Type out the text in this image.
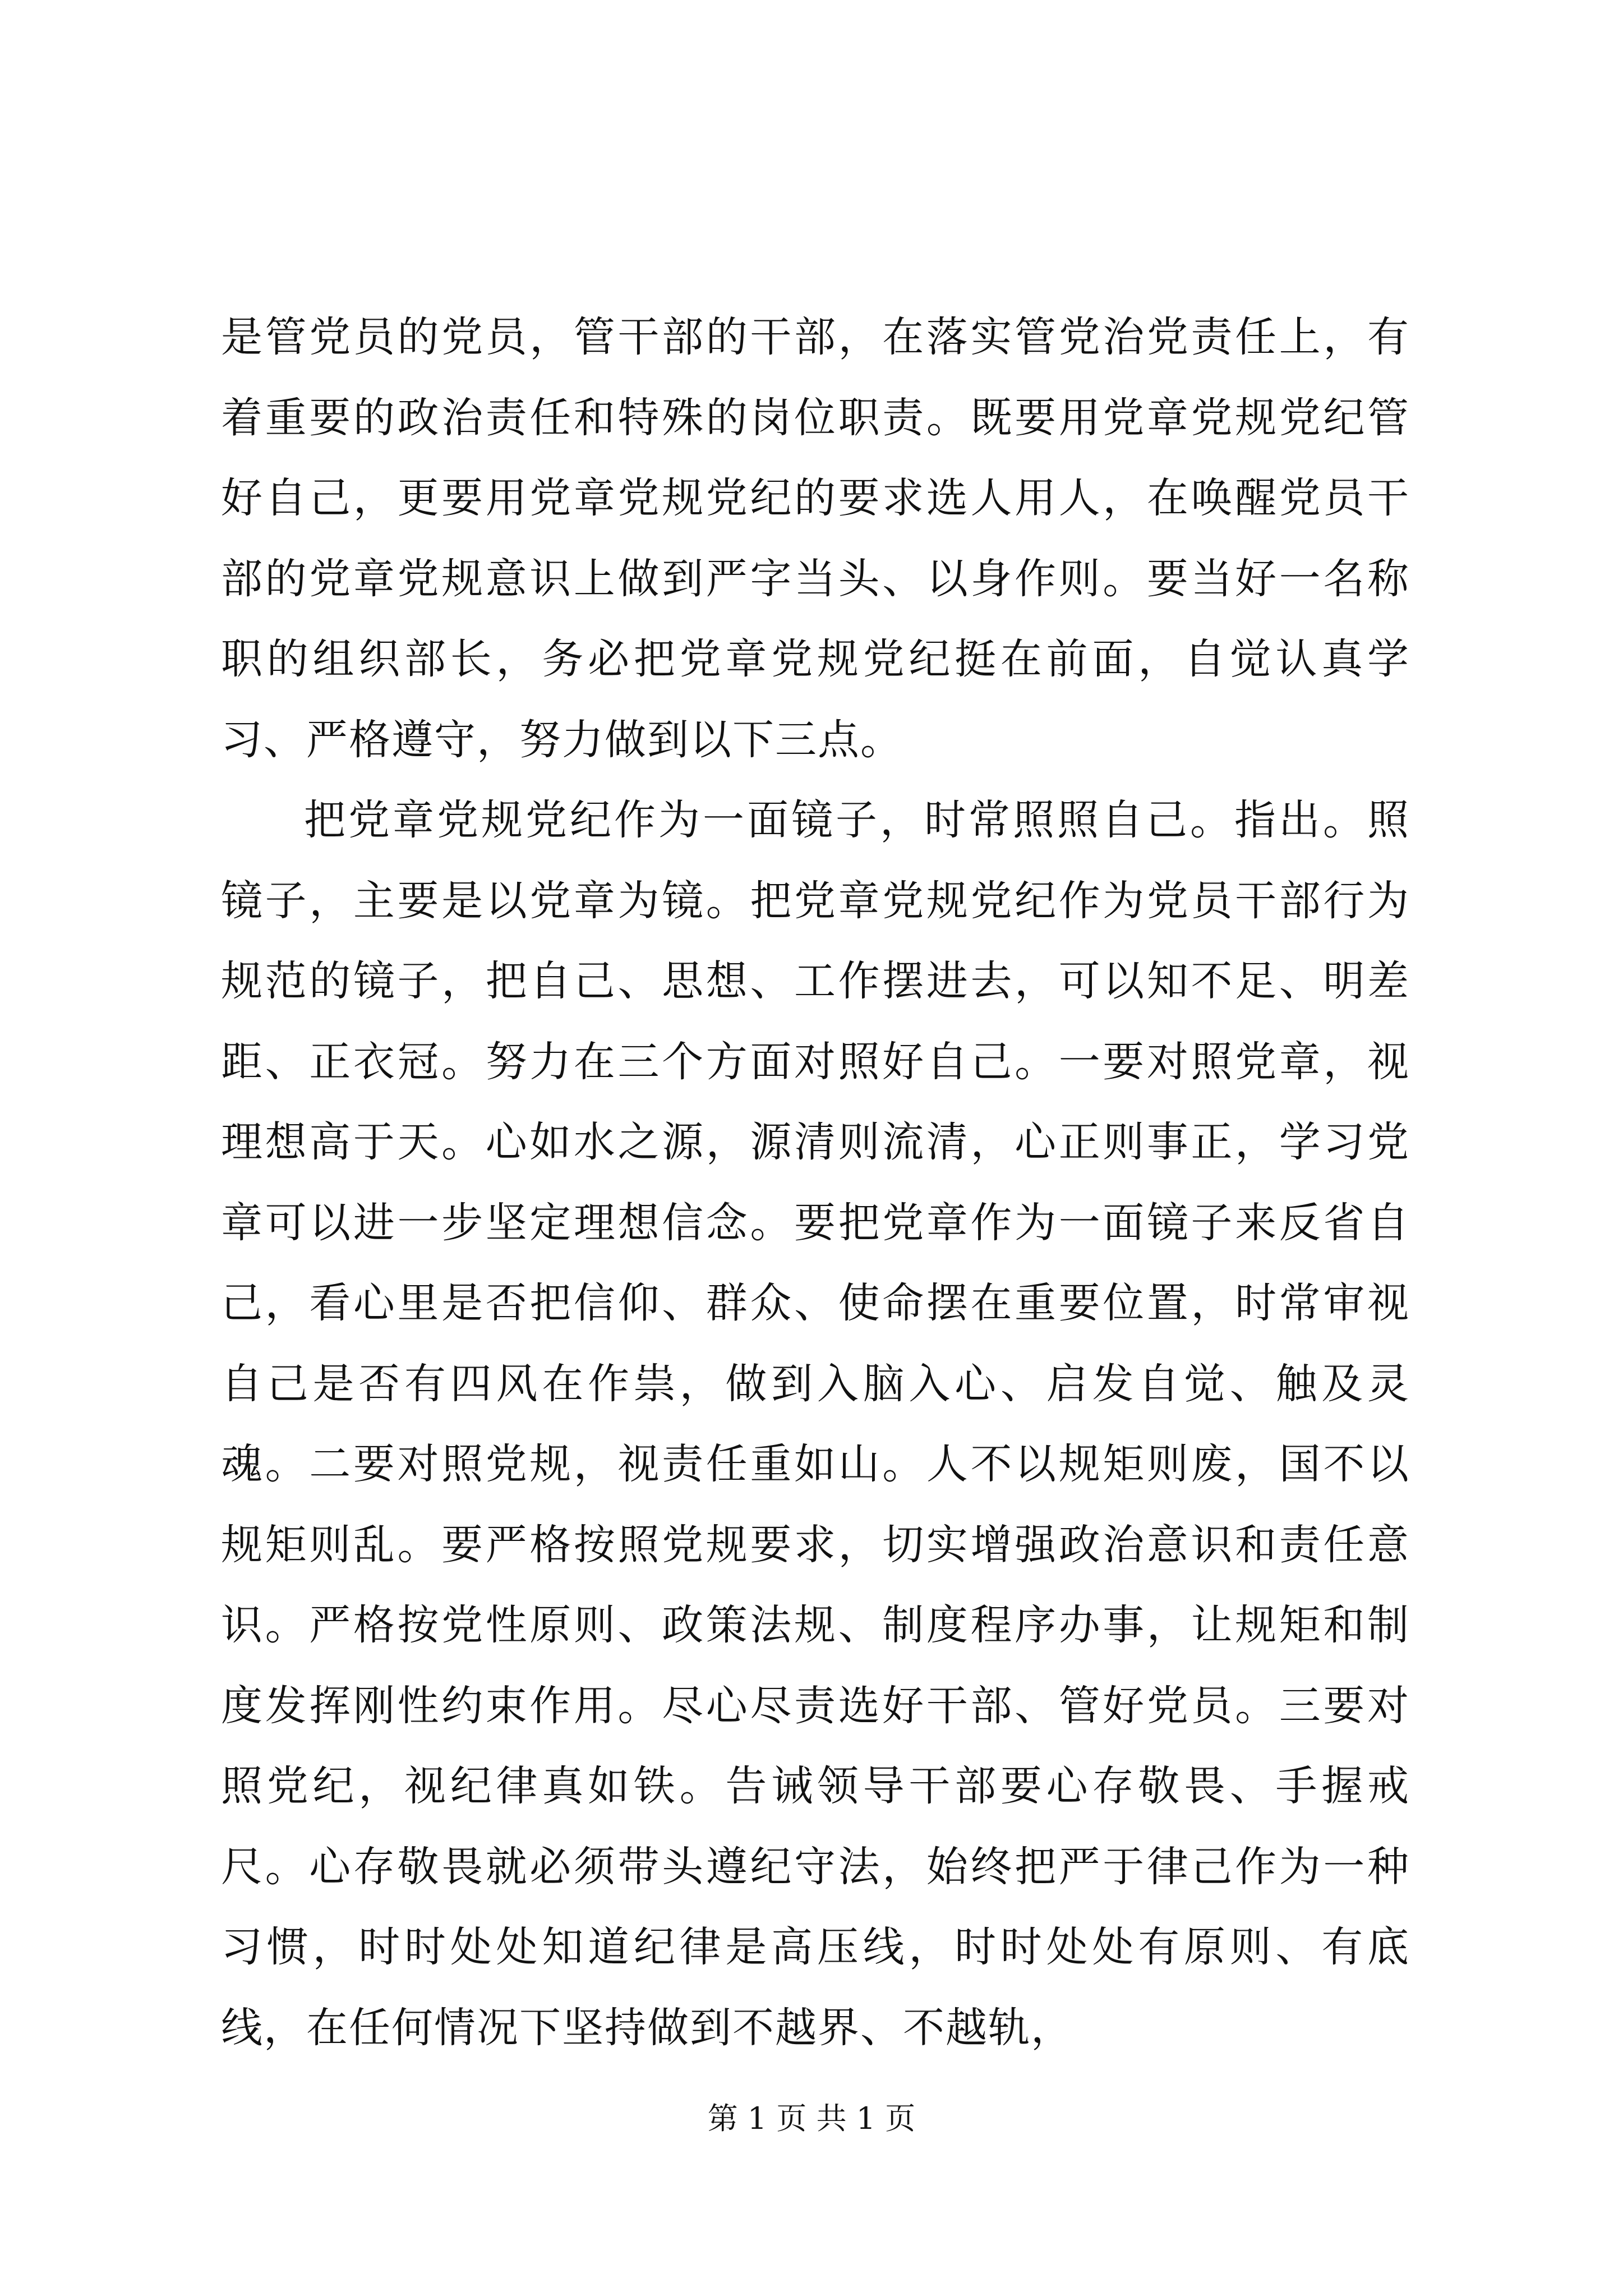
是管党员的党员，管干部的干部，在落实管党治党责任上，有着重要的政治责任和特殊的岗位职责。既要用党章党规党纪管好自己，更要用党章党规党纪的要求选人用人，在唤醒党员干部的党章党规意识上做到严字当头、以身作则。要当好一名称职的组织部长，务必把党章党规党纪挺在前面，自觉认真学习、严格遵守，努力做到以下三点。

把党章党规党纪作为一面镜子，时常照照自己。指出。照镜子，主要是以党章为镜。把党章党规党纪作为党员干部行为规范的镜子，把自己、思想、工作摆进去，可以知不足、明差距、正衣冠。努力在三个方面对照好自己。一要对照党章，视理想高于天。心如水之源，源清则流清，心正则事正，学习党章可以进一步坚定理想信念。要把党章作为一面镜子来反省自己，看心里是否把信仰、群众、使命摆在重要位置，时常审视自己是否有四风在作祟，做到入脑入心、启发自觉、触及灵魂。二要对照党规，视责任重如山。人不以规矩则废，国不以规矩则乱。要严格按照党规要求，切实增强政治意识和责任意识。严格按党性原则、政策法规、制度程序办事，让规矩和制度发挥刚性约束作用。尽心尽责选好干部、管好党员。三要对照党纪，视纪律真如铁。告诫领导干部要心存敬畏、手握戒尺。心存敬畏就必须带头遵纪守法，始终把严于律己作为一种习惯，时时处处知道纪律是高压线，时时处处有原则、有底线，在任何情况下坚持做到不越界、不越轨，

第 1 页 共 1 页
